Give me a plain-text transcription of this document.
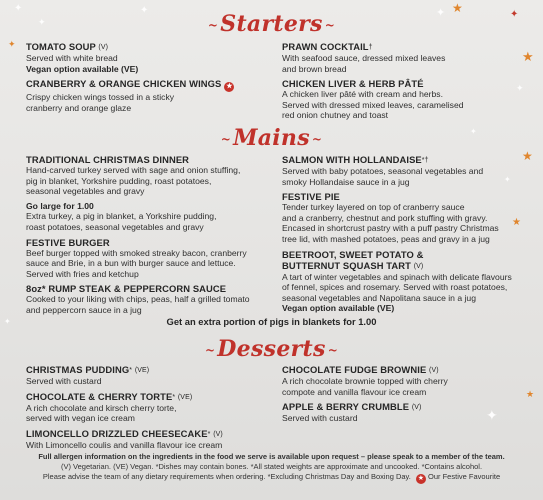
✦
✦
✦
✦	★
✦	✦
★
✦
★
✦
★
✦
✦
★
✦
~Starters ~
TOMATO SOUP (V)
Served with white bread
Vegan option available (VE)
CRANBERRY & ORANGE CHICKEN WINGS ★
Crispy chicken wings tossed in a sticky
cranberry and orange glaze
PRAWN COCKTAIL†
With seafood sauce, dressed mixed leaves
and brown bread
CHICKEN LIVER & HERB PÂTÉ
A chicken liver pâté with cream and herbs.
Served with dressed mixed leaves, caramelised
red onion chutney and toast
~Mains ~
TRADITIONAL CHRISTMAS DINNER
Hand-carved turkey served with sage and onion stuffing,
pig in blanket, Yorkshire pudding, roast potatoes,
seasonal vegetables and gravy
Go large for 1.00
Extra turkey, a pig in blanket, a Yorkshire pudding,
roast potatoes, seasonal vegetables and gravy
FESTIVE BURGER
Beef burger topped with smoked streaky bacon, cranberry
sauce and Brie, in a bun with burger sauce and lettuce.
Served with fries and ketchup
8oz* RUMP STEAK & PEPPERCORN SAUCE
Cooked to your liking with chips, peas, half a grilled tomato
and peppercorn sauce in a jug
SALMON WITH HOLLANDAISE*†
Served with baby potatoes, seasonal vegetables and
smoky Hollandaise sauce in a jug
FESTIVE PIE
Tender turkey layered on top of cranberry sauce
and a cranberry, chestnut and pork stuffing with gravy.
Encased in shortcrust pastry with a puff pastry Christmas
tree lid, with mashed potatoes, peas and gravy in a jug
BEETROOT, SWEET POTATO &
BUTTERNUT SQUASH TART (V)
A tart of winter vegetables and spinach with delicate flavours
of fennel, spices and rosemary. Served with roast potatoes,
seasonal vegetables and Napolitana sauce in a jug
Vegan option available (VE)
Get an extra portion of pigs in blankets for 1.00
~Desserts ~
CHRISTMAS PUDDING* (VE)
Served with custard
CHOCOLATE & CHERRY TORTE* (VE)
A rich chocolate and kirsch cherry torte,
served with vegan ice cream
LIMONCELLO DRIZZLED CHEESECAKE* (V)
With Limoncello coulis and vanilla flavour ice cream
CHOCOLATE FUDGE BROWNIE (V)
A rich chocolate brownie topped with cherry
compote and vanilla flavour ice cream
APPLE & BERRY CRUMBLE (V)
Served with custard
Full allergen information on the ingredients in the food we serve is available upon request – please speak to a member of the team.
(V) Vegetarian. (VE) Vegan. *Dishes may contain bones. *All stated weights are approximate and uncooked. *Contains alcohol.
Please advise the team of any dietary requirements when ordering. *Excluding Christmas Day and Boxing Day. ★ Our Festive Favourite
